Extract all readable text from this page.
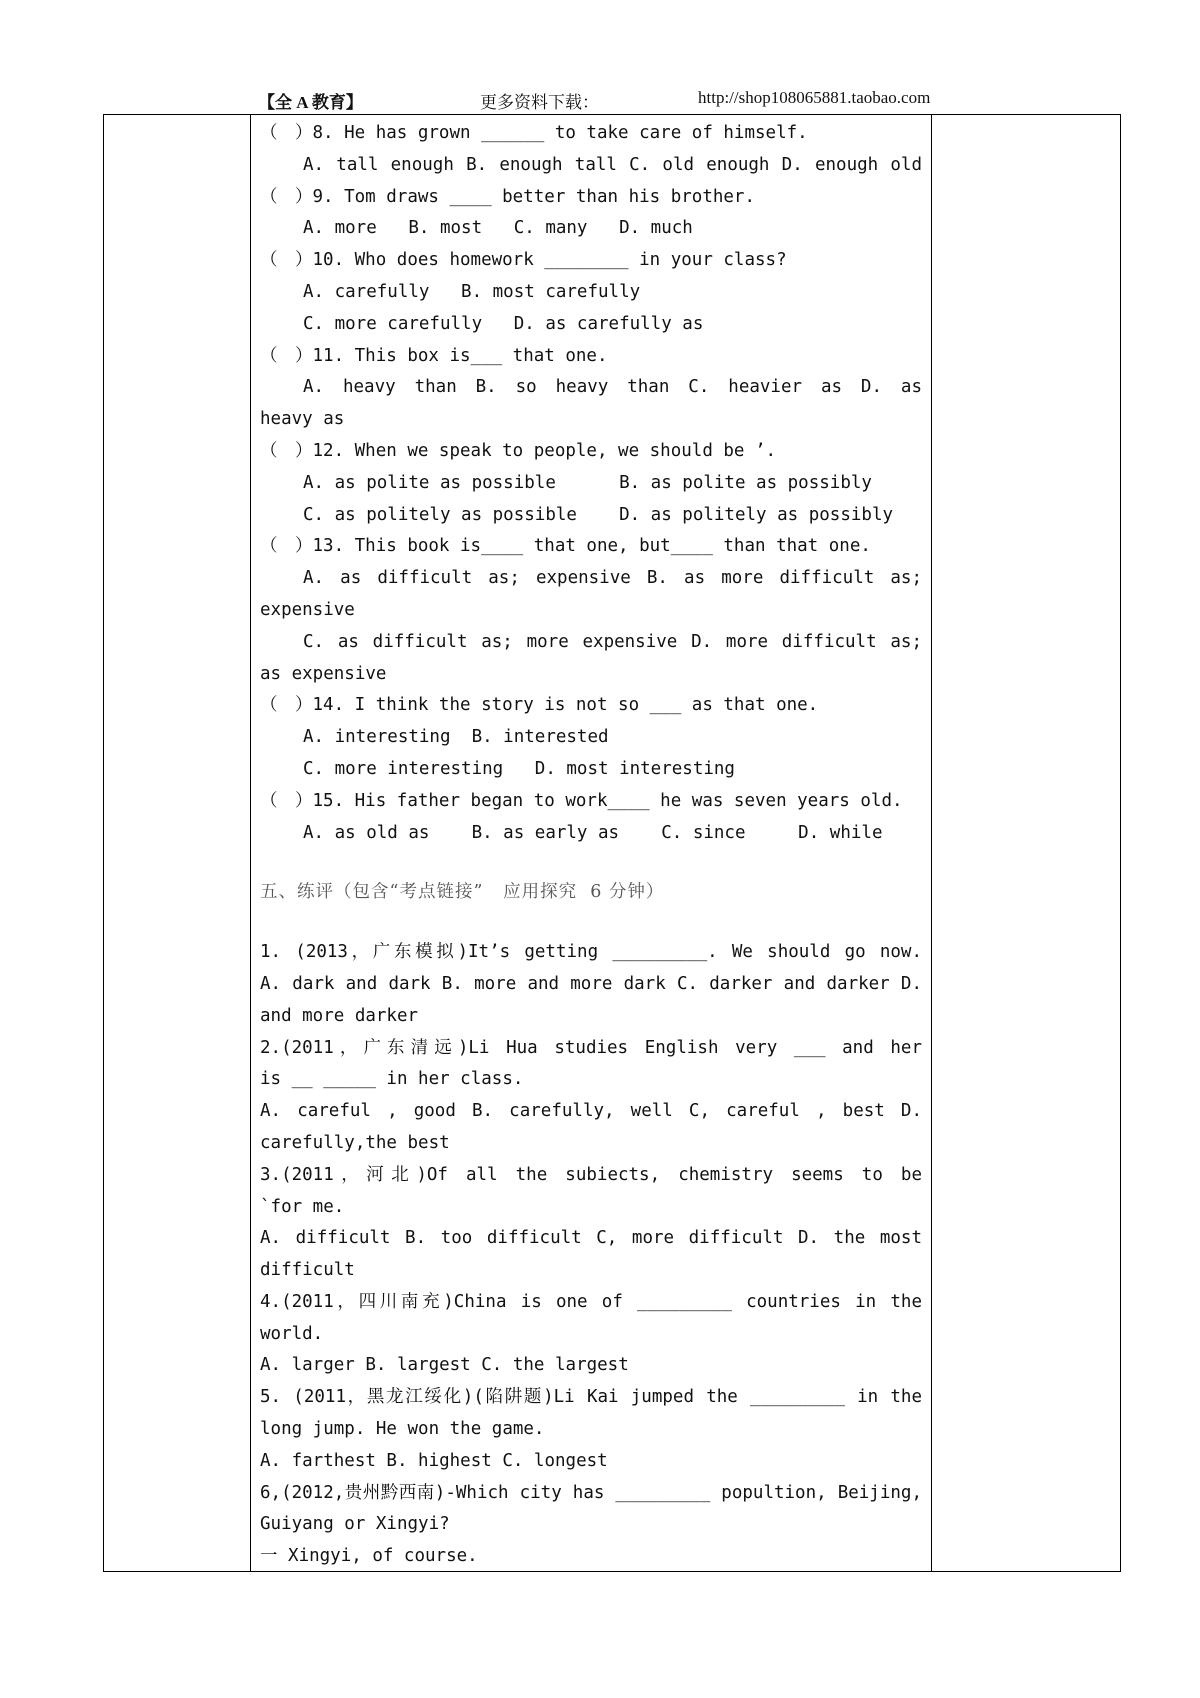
【全 A 教育】	更多资料下载：	http://shop108065881.taobao.com
（　）8. He has grown ______ to take care of himself.
A. tall enough B. enough tall C. old enough D. enough old
（　）9. Tom draws ____ better than his brother.
A. more   B. most   C. many   D. much
（　）10. Who does homework ________ in your class?
A. carefully   B. most carefully
C. more carefully   D. as carefully as
（　）11. This box is___ that one.
A. heavy than B. so heavy than C. heavier as D. as
heavy as
（　）12. When we speak to people, we should be ’.
A. as polite as possible      B. as polite as possibly
C. as politely as possible    D. as politely as possibly
（　）13. This book is____ that one, but____ than that one.
A. as difficult as; expensive B. as more difficult as;
expensive
C. as difficult as; more expensive D. more difficult as;
as expensive
（　）14. I think the story is not so ___ as that one.
A. interesting  B. interested
C. more interesting   D. most interesting
（　）15. His father began to work____ he was seven years old.
A. as old as    B. as early as    C. since     D. while
五、练评（包含“考点链接”   应用探究  6 分钟）
1. (2013，广东模拟)It’s getting _________. We should go now.
A. dark and dark B. more and more dark C. darker and darker D.
and more darker
2.(2011，广东清远)Li Hua studies English very ___ and her
is __ _____ in her class.
A. careful , good B. carefully, well C, careful , best D.
carefully,the best
3.(2011，河北)Of all the subiects, chemistry seems to be
`for me.
A. difficult B. too difficult C, more difficult D. the most
difficult
4.(2011，四川南充)China is one of _________ countries in the
world.
A. larger B. largest C. the largest
5. (2011，黑龙江绥化)(陷阱题)Li Kai jumped the _________ in the
long jump. He won the game.
A. farthest B. highest C. longest
6,(2012,贵州黔西南)-Which city has _________ popultion, Beijing,
Guiyang or Xingyi?
一 Xingyi, of course.
